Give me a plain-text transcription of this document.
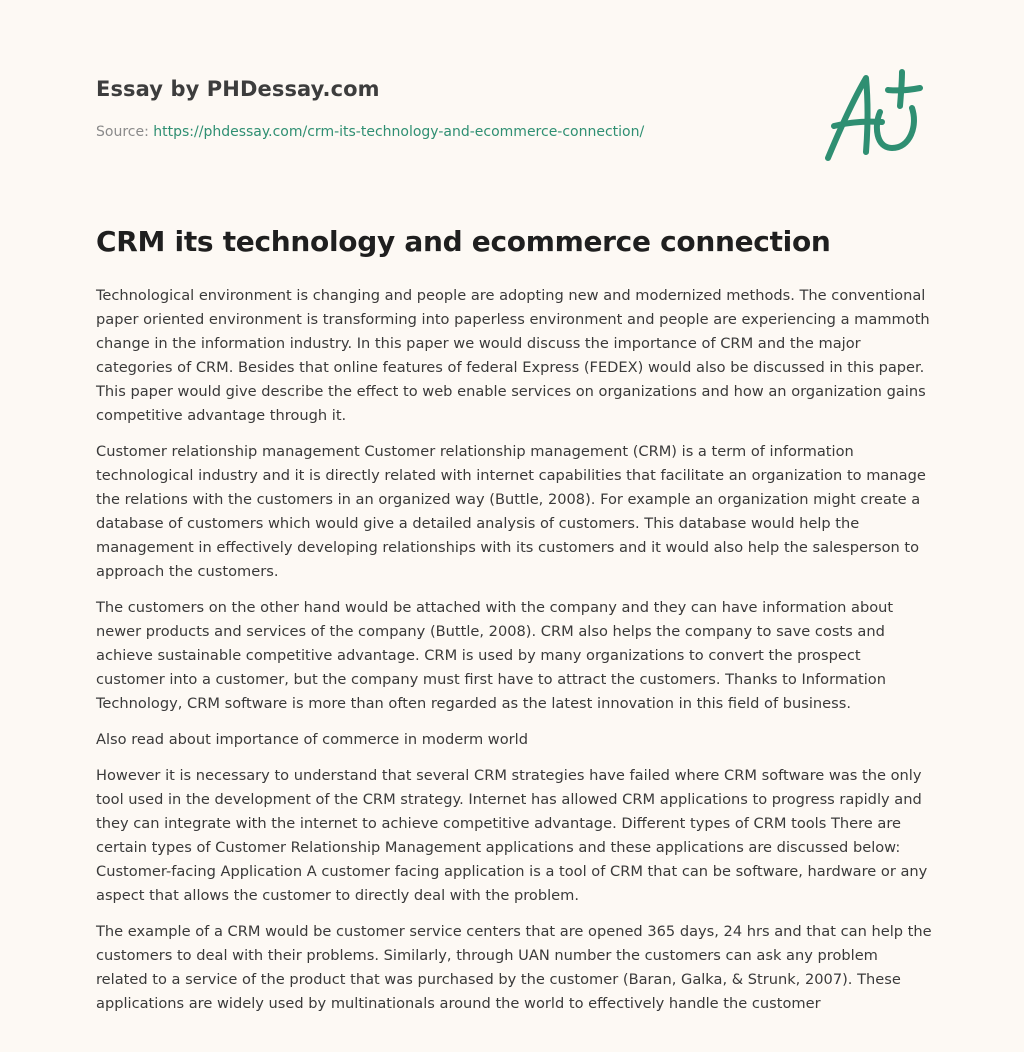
Essay by PHDessay.com
Source: https://phdessay.com/crm-its-technology-and-ecommerce-connection/
CRM its technology and ecommerce connection

Technological environment is changing and people are adopting new and modernized methods. The conventional paper oriented environment is transforming into paperless environment and people are experiencing a mammoth change in the information industry. In this paper we would discuss the importance of CRM and the major categories of CRM. Besides that online features of federal Express (FEDEX) would also be discussed in this paper. This paper would give describe the effect to web enable services on organizations and how an organization gains competitive advantage through it.

Customer relationship management Customer relationship management (CRM) is a term of information technological industry and it is directly related with internet capabilities that facilitate an organization to manage the relations with the customers in an organized way (Buttle, 2008). For example an organization might create a database of customers which would give a detailed analysis of customers. This database would help the management in effectively developing relationships with its customers and it would also help the salesperson to approach the customers.

The customers on the other hand would be attached with the company and they can have information about newer products and services of the company (Buttle, 2008). CRM also helps the company to save costs and achieve sustainable competitive advantage. CRM is used by many organizations to convert the prospect customer into a customer, but the company must first have to attract the customers. Thanks to Information Technology, CRM software is more than often regarded as the latest innovation in this field of business.

Also read about importance of commerce in moderm world

However it is necessary to understand that several CRM strategies have failed where CRM software was the only tool used in the development of the CRM strategy. Internet has allowed CRM applications to progress rapidly and they can integrate with the internet to achieve competitive advantage. Different types of CRM tools There are certain types of Customer Relationship Management applications and these applications are discussed below: Customer-facing Application A customer facing application is a tool of CRM that can be software, hardware or any aspect that allows the customer to directly deal with the problem.

The example of a CRM would be customer service centers that are opened 365 days, 24 hrs and that can help the customers to deal with their problems. Similarly, through UAN number the customers can ask any problem related to a service of the product that was purchased by the customer (Baran, Galka, & Strunk, 2007). These applications are widely used by multinationals around the world to effectively handle the customer
